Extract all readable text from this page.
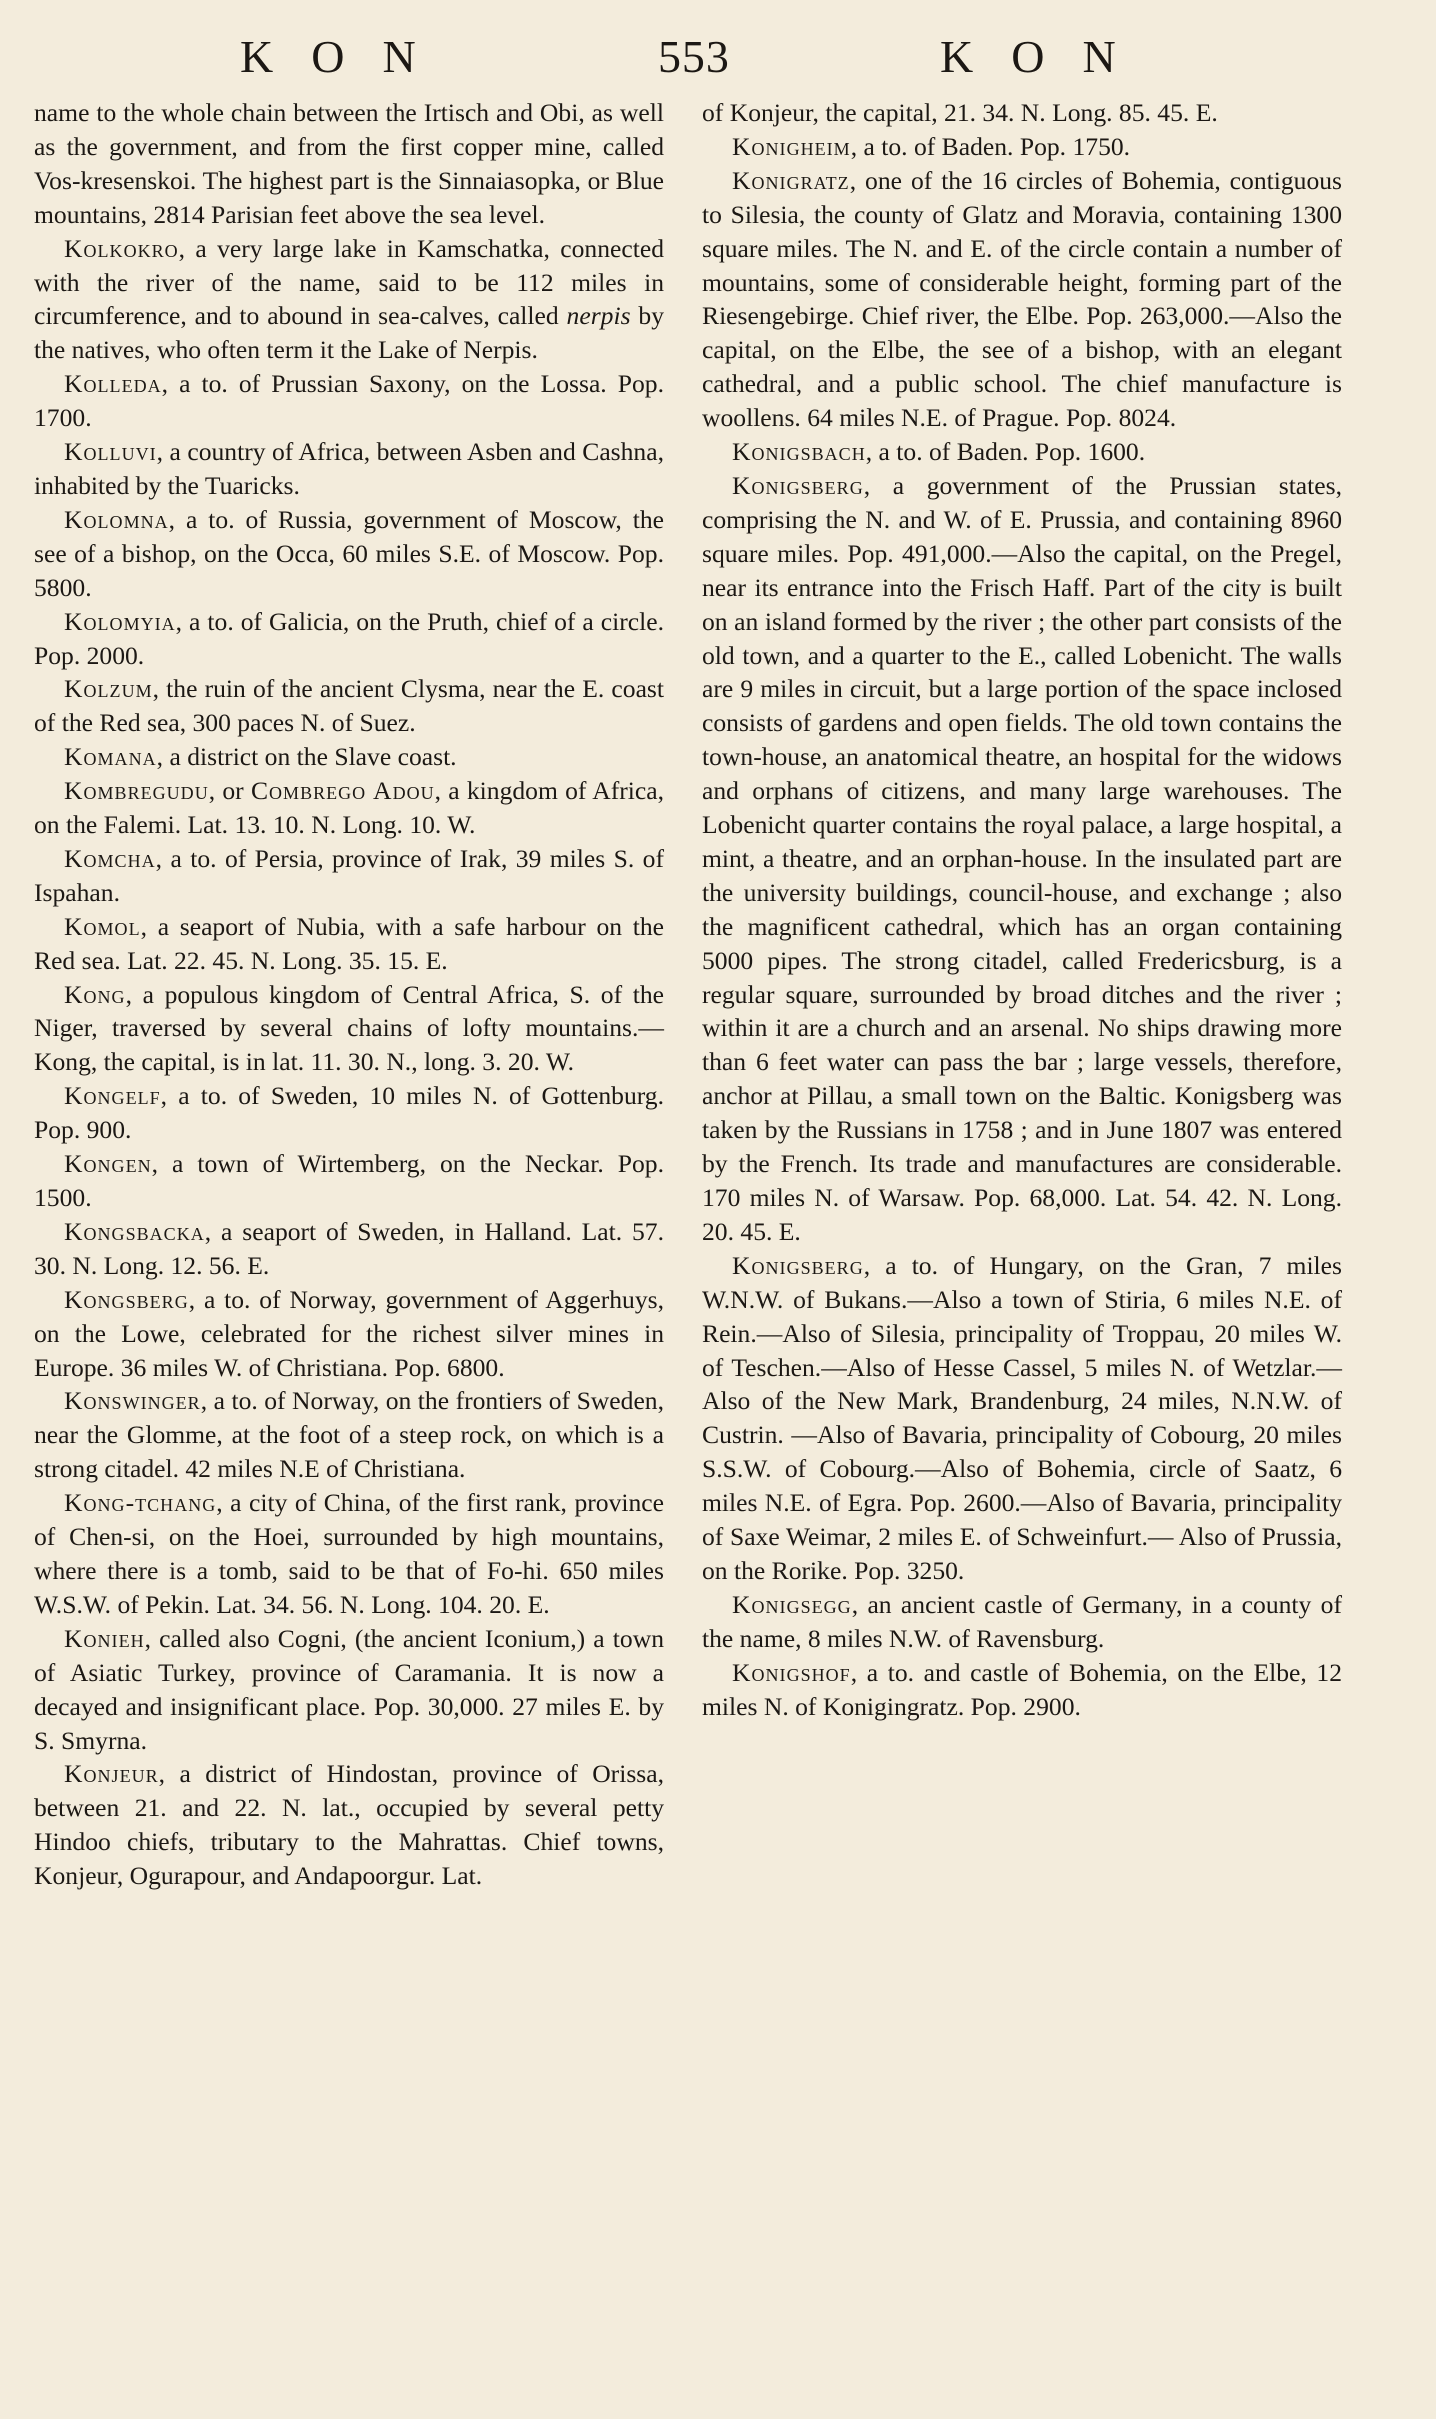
KON	553	KON

name to the whole chain between the Irtisch and Obi, as well as the government, and from the first copper mine, called Vos-kresenskoi. The highest part is the Sinnaiasopka, or Blue mountains, 2814 Parisian feet above the sea level.

Kolkokro, a very large lake in Kamschatka, connected with the river of the name, said to be 112 miles in circumference, and to abound in sea-calves, called nerpis by the natives, who often term it the Lake of Nerpis.

Kolleda, a to. of Prussian Saxony, on the Lossa. Pop. 1700.

Kolluvi, a country of Africa, between Asben and Cashna, inhabited by the Tuaricks.

Kolomna, a to. of Russia, government of Moscow, the see of a bishop, on the Occa, 60 miles S.E. of Moscow. Pop. 5800.

Kolomyia, a to. of Galicia, on the Pruth, chief of a circle. Pop. 2000.

Kolzum, the ruin of the ancient Clysma, near the E. coast of the Red sea, 300 paces N. of Suez.

Komana, a district on the Slave coast.

Kombregudu, or Combrego Adou, a kingdom of Africa, on the Falemi. Lat. 13. 10. N. Long. 10. W.

Komcha, a to. of Persia, province of Irak, 39 miles S. of Ispahan.

Komol, a seaport of Nubia, with a safe harbour on the Red sea. Lat. 22. 45. N. Long. 35. 15. E.

Kong, a populous kingdom of Central Africa, S. of the Niger, traversed by several chains of lofty mountains.—Kong, the capital, is in lat. 11. 30. N., long. 3. 20. W.

Kongelf, a to. of Sweden, 10 miles N. of Gottenburg. Pop. 900.

Kongen, a town of Wirtemberg, on the Neckar. Pop. 1500.

Kongsbacka, a seaport of Sweden, in Halland. Lat. 57. 30. N. Long. 12. 56. E.

Kongsberg, a to. of Norway, government of Aggerhuys, on the Lowe, celebrated for the richest silver mines in Europe. 36 miles W. of Christiana. Pop. 6800.

Konswinger, a to. of Norway, on the frontiers of Sweden, near the Glomme, at the foot of a steep rock, on which is a strong citadel. 42 miles N.E of Christiana.

Kong-tchang, a city of China, of the first rank, province of Chen-si, on the Hoei, surrounded by high mountains, where there is a tomb, said to be that of Fo-hi. 650 miles W.S.W. of Pekin. Lat. 34. 56. N. Long. 104. 20. E.

Konieh, called also Cogni, (the ancient Iconium,) a town of Asiatic Turkey, province of Caramania. It is now a decayed and insignificant place. Pop. 30,000. 27 miles E. by S. Smyrna.

Konjeur, a district of Hindostan, province of Orissa, between 21. and 22. N. lat., occupied by several petty Hindoo chiefs, tributary to the Mahrattas. Chief towns, Konjeur, Ogurapour, and Andapoorgur. Lat.

of Konjeur, the capital, 21. 34. N. Long. 85. 45. E.

Konigheim, a to. of Baden. Pop. 1750.

Konigratz, one of the 16 circles of Bohemia, contiguous to Silesia, the county of Glatz and Moravia, containing 1300 square miles. The N. and E. of the circle contain a number of mountains, some of considerable height, forming part of the Riesengebirge. Chief river, the Elbe. Pop. 263,000.—Also the capital, on the Elbe, the see of a bishop, with an elegant cathedral, and a public school. The chief manufacture is woollens. 64 miles N.E. of Prague. Pop. 8024.

Konigsbach, a to. of Baden. Pop. 1600.

Konigsberg, a government of the Prussian states, comprising the N. and W. of E. Prussia, and containing 8960 square miles. Pop. 491,000.—Also the capital, on the Pregel, near its entrance into the Frisch Haff. Part of the city is built on an island formed by the river ; the other part consists of the old town, and a quarter to the E., called Lobenicht. The walls are 9 miles in circuit, but a large portion of the space inclosed consists of gardens and open fields. The old town contains the town-house, an anatomical theatre, an hospital for the widows and orphans of citizens, and many large warehouses. The Lobenicht quarter contains the royal palace, a large hospital, a mint, a theatre, and an orphan-house. In the insulated part are the university buildings, council-house, and exchange ; also the magnificent cathedral, which has an organ containing 5000 pipes. The strong citadel, called Fredericsburg, is a regular square, surrounded by broad ditches and the river ; within it are a church and an arsenal. No ships drawing more than 6 feet water can pass the bar ; large vessels, therefore, anchor at Pillau, a small town on the Baltic. Konigsberg was taken by the Russians in 1758 ; and in June 1807 was entered by the French. Its trade and manufactures are considerable. 170 miles N. of Warsaw. Pop. 68,000. Lat. 54. 42. N. Long. 20. 45. E.

Konigsberg, a to. of Hungary, on the Gran, 7 miles W.N.W. of Bukans.—Also a town of Stiria, 6 miles N.E. of Rein.—Also of Silesia, principality of Troppau, 20 miles W. of Teschen.—Also of Hesse Cassel, 5 miles N. of Wetzlar.—Also of the New Mark, Brandenburg, 24 miles, N.N.W. of Custrin. —Also of Bavaria, principality of Cobourg, 20 miles S.S.W. of Cobourg.—Also of Bohemia, circle of Saatz, 6 miles N.E. of Egra. Pop. 2600.—Also of Bavaria, principality of Saxe Weimar, 2 miles E. of Schweinfurt.— Also of Prussia, on the Rorike. Pop. 3250.

Konigsegg, an ancient castle of Germany, in a county of the name, 8 miles N.W. of Ravensburg.

Konigshof, a to. and castle of Bohemia, on the Elbe, 12 miles N. of Konigingratz. Pop. 2900.
